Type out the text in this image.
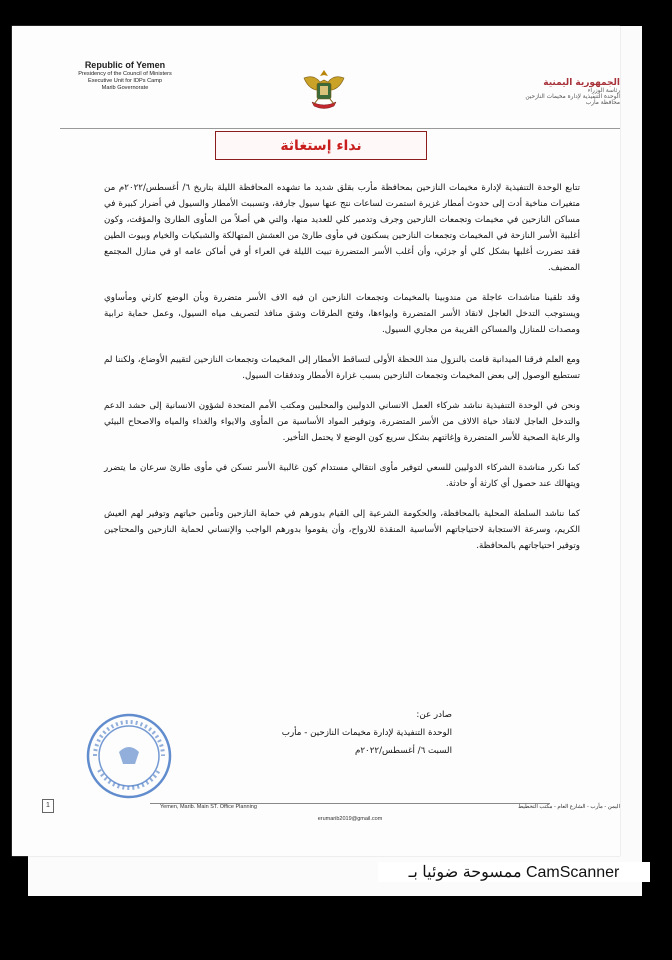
Republic of Yemen
Presidency of the Council of Ministers
Executive Unit for IDPs Camp
Marib Governorate	الجمهورية اليمنية
رئاسة الوزراء
الوحدة التنفيذية لإدارة مخيمات النازحين
محافظة مأرب
نداء إستغاثة

تتابع الوحدة التنفيذية لإدارة مخيمات النازحين بمحافظة مأرب بقلق شديد ما تشهده المحافظة الليلة بتاريخ ٦/ أغسطس/٢٠٢٢م من متغيرات مناخية أدت إلى حدوث أمطار غزيرة استمرت لساعات نتج عنها سيول جارفة، وتسببت الأمطار والسيول في أضرار كبيرة في مساكن النازحين في مخيمات وتجمعات النازحين وجرف وتدمير كلي للعديد منها، والتي هي أصلاً من المأوى الطارئ والمؤقت، وكون أغلبية الأسر النازحة في المخيمات وتجمعات النازحين يسكنون في مأوى طارئ من العشش المتهالكة والشبكيات والخيام وبيوت الطين فقد تضررت أغلبها بشكل كلي أو جزئي، وأن أغلب الأسر المتضررة تبيت الليلة في العراء أو في أماكن عامه او في منازل المجتمع المضيف.

وقد تلقينا مناشدات عاجلة من مندوبينا بالمخيمات وتجمعات النازحين ان فيه الاف الأسر متضررة وبأن الوضع كارثي ومأساوي ويستوجب التدخل العاجل لانقاذ الأسر المتضررة وايواءها، وفتح الطرقات وشق منافذ لتصريف مياه السيول، وعمل حماية ترابية ومصدات للمنازل والمساكن القريبة من مجاري السيول.

ومع العلم فرقنا الميدانية قامت بالنزول منذ اللحظة الأولى لتساقط الأمطار إلى المخيمات وتجمعات النازحين لتقييم الأوضاع، ولكننا لم تستطيع الوصول إلى بعض المخيمات وتجمعات النازحين بسبب غزارة الأمطار وتدفقات السيول.

ونحن في الوحدة التنفيذية نناشد شركاء العمل الانساني الدوليين والمحليين ومكتب الأمم المتحدة لشؤون الانسانية إلى حشد الدعم والتدخل العاجل لانقاذ حياة الالاف من الأسر المتضررة، وتوفير المواد الأساسية من المأوى والايواء والغذاء والمياه والاصحاح البيئي والرعاية الصحية للأسر المتضررة وإغاثتهم بشكل سريع كون الوضع لا يحتمل التأخير.

كما نكرر مناشدة الشركاء الدوليين للسعي لتوفير مأوى انتقالي مستدام كون غالبية الأسر تسكن في مأوى طارئ سرعان ما يتضرر ويتهالك عند حصول أي كارثة أو حادثة.

كما نناشد السلطة المحلية بالمحافظة، والحكومة الشرعية إلى القيام بدورهم في حماية النازحين وتأمين حياتهم وتوفير لهم العيش الكريم، وسرعة الاستجابة لاحتياجاتهم الأساسية المنقذة للارواح، وأن يقوموا بدورهم الواجب والإنساني لحماية النازحين والمحتاجين وتوفير احتياجاتهم بالمحافظة.

صادر عن:
الوحدة التنفيذية لإدارة مخيمات النازحين - مأرب
السبت ٦/ أغسطس/٢٠٢٢م
1	Yemen, Marib. Main ST. Office Planning	اليمن - مأرب - الشارع العام - مكتب التخطيط
erumarib2019@gmail.com
CamScanner ممسوحة ضوئيا بـ
